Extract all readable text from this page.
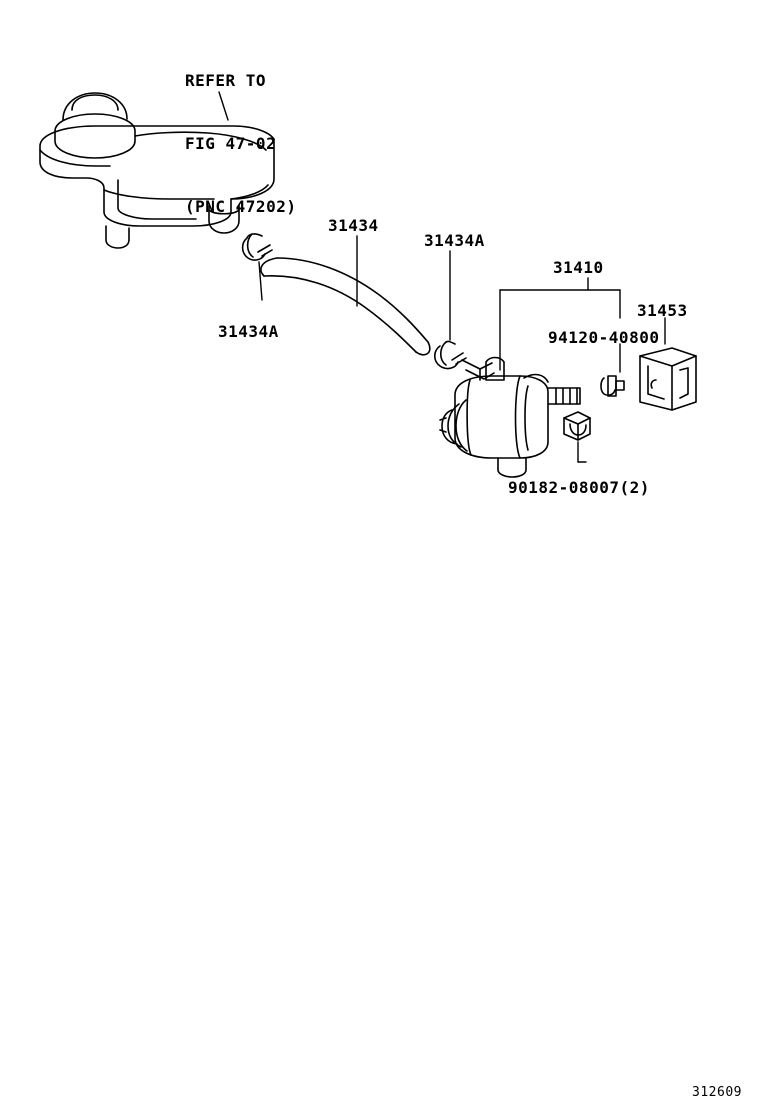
REFER TO

FIG 47-02

(PNC 47202)

31434A
31434
31434A
31410
94120-40800
31453
90182-08007(2)
312609
